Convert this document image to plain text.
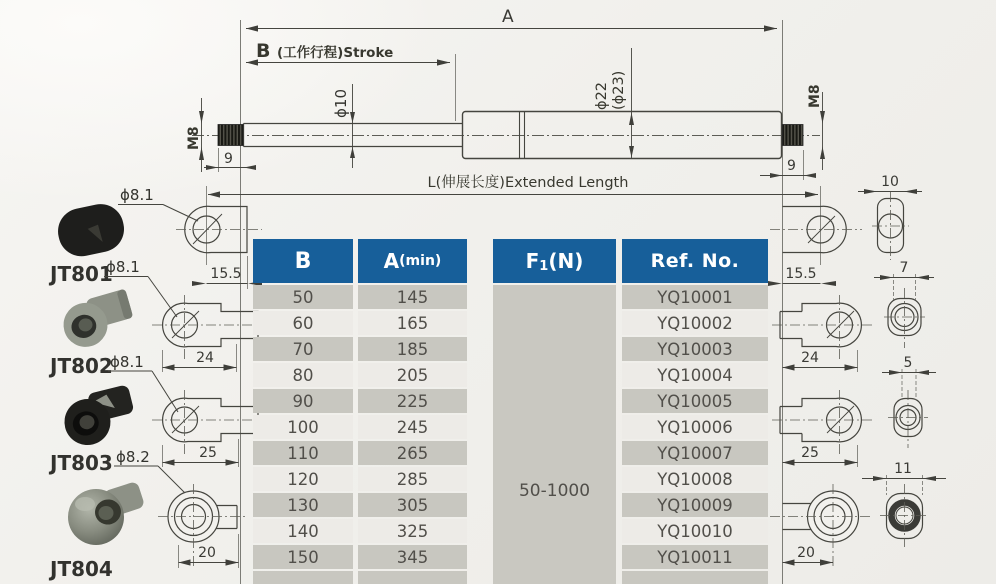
A
B (工作行程)Stroke
ϕ10	ϕ22 (ϕ23)
M8
9
M8
9
L(伸展长度)Extended Length
ϕ8.1
15.5
JT801
ϕ8.1
24
JT802
ϕ8.1
25
JT803 ϕ8.2
20
JT804
15.5
10
24
7
25
5
20
11
B	A (min)	F 1 (N)	Ref. No.
50	145	YQ10001
60	165	YQ10002
70	185	YQ10003
80	205	YQ10004
90	225	YQ10005
100	245	YQ10006
110	265	YQ10007
120	285	YQ10008
130	305	YQ10009
140	325	YQ10010
150	345	YQ10011
50-1000
